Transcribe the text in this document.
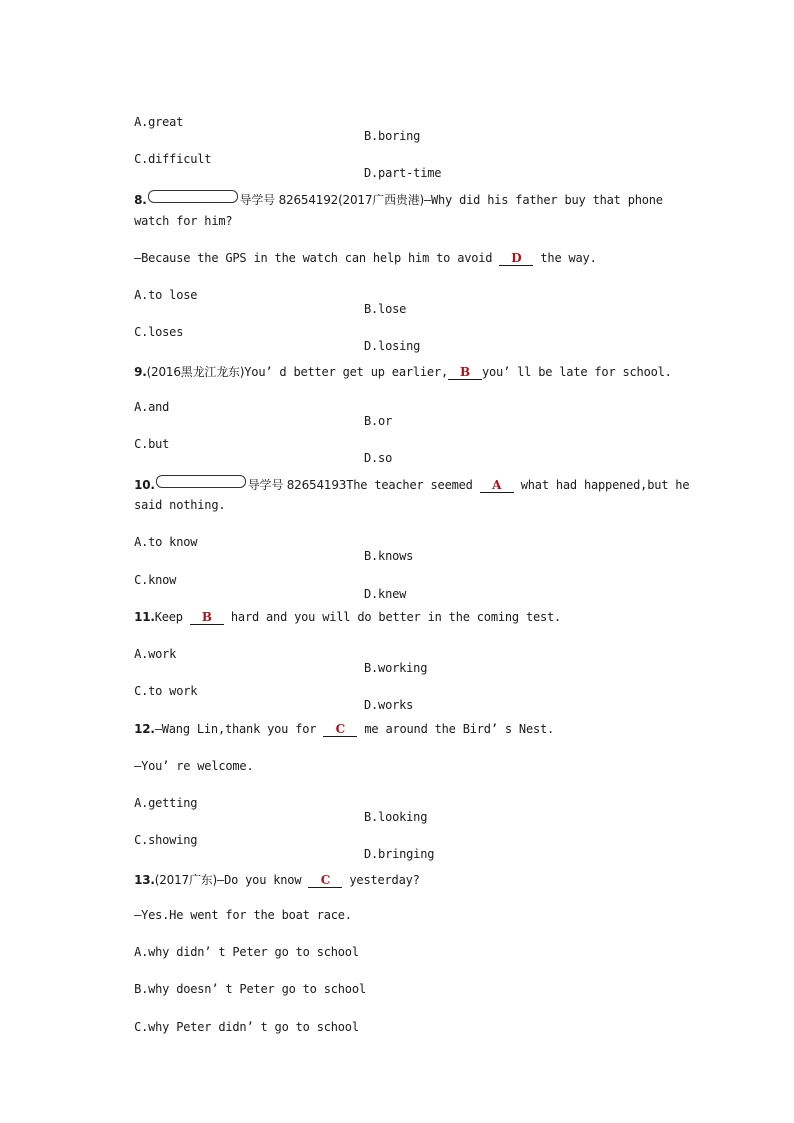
A.great

B.boring

C.difficult

D.part-time

8.	导学号 82654192(2017广西贵港)—Why did his father buy that phone

watch for him?

—Because the GPS in the watch can help him to avoid D the way.

A.to lose

B.lose

C.loses

D.losing

9.(2016黑龙江龙东)You’ d better get up earlier, B you’ ll be late for school.

A.and

B.or

C.but

D.so

10.	导学号 82654193The teacher seemed A what had happened,but he

said nothing.

A.to know

B.knows

C.know

D.knew

11.Keep B hard and you will do better in the coming test.

A.work

B.working

C.to work

D.works

12.—Wang Lin,thank you for C me around the Bird’ s Nest.

—You’ re welcome.

A.getting

B.looking

C.showing

D.bringing

13.(2017广东)—Do you know C yesterday?

—Yes.He went for the boat race.

A.why didn’ t Peter go to school

B.why doesn’ t Peter go to school

C.why Peter didn’ t go to school
